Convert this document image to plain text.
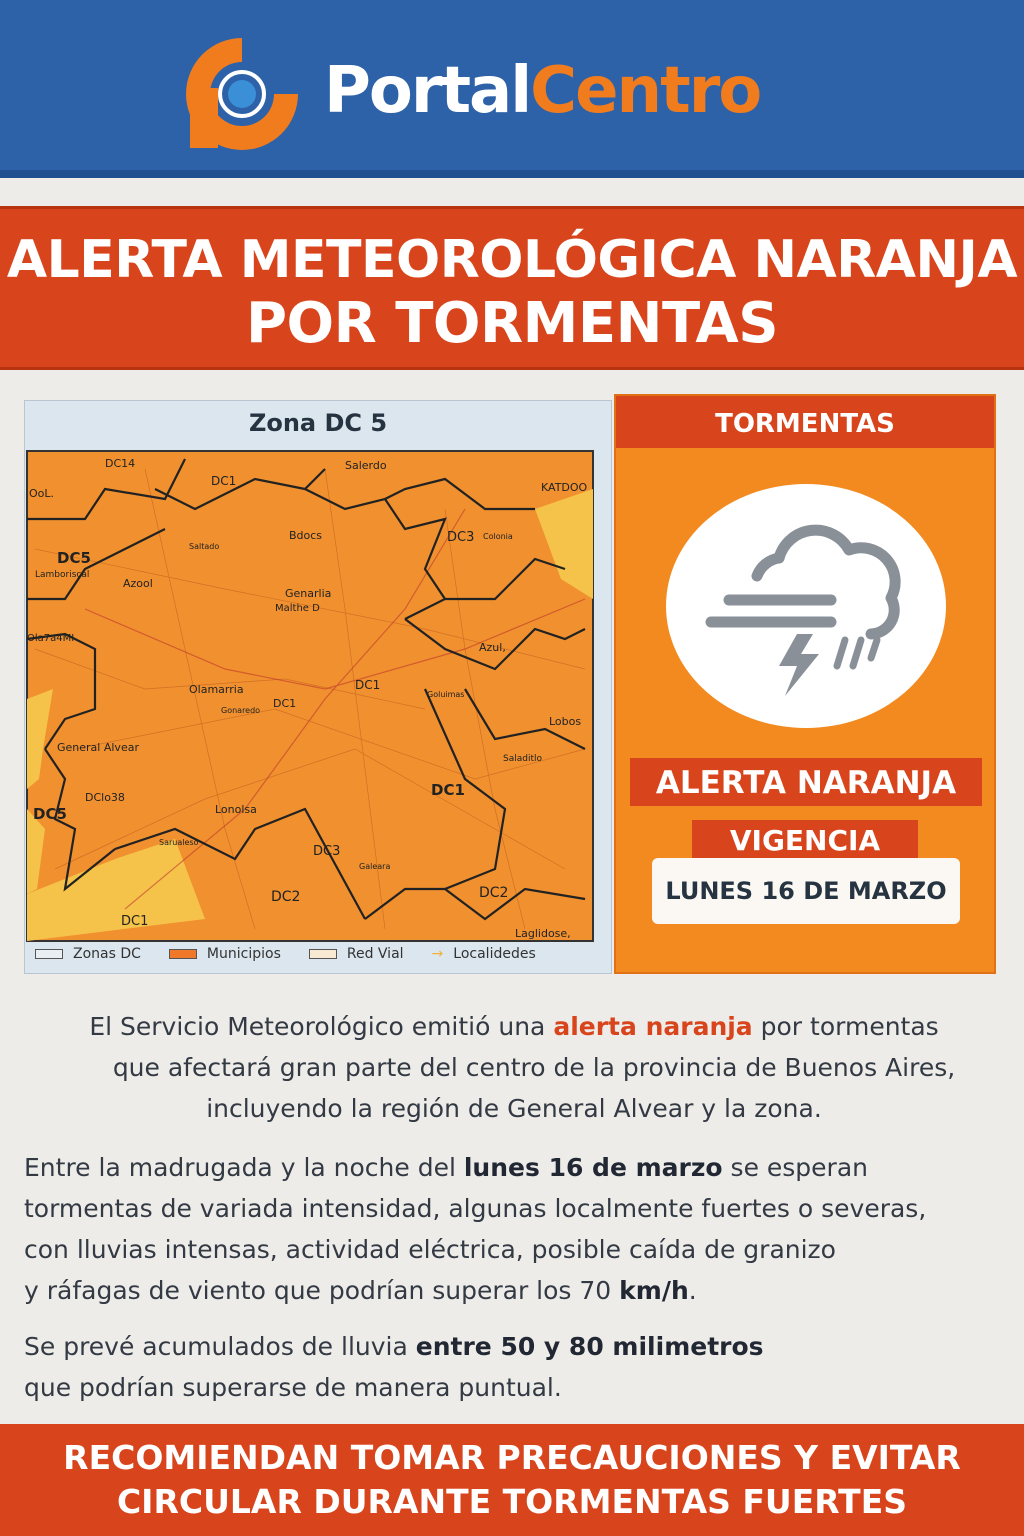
PortalCentro
ALERTA METEOROLÓGICA NARANJA
POR TORMENTAS
Zona DC 5
DC14	Salerdo
DC1
OoL.	KATDOO
Bdocs	DC3 Colonia
DC5
Lamboriscal
Azool
Saltado
Genarlia
Malthe D
Ola7a4MI
Azul,
DC1
Olamarria	Goluimas
Gonaredo
DC1
Lobos
General Alvear
Saladitlo
DC1
DClo38
DC5	Lonolsa
Sarualeso
DC3
Galeara
DC2	DC2
DC1
Laglidose,
Zonas DC	Municipios	Red Vial → Localidedes
TORMENTAS
ALERTA NARANJA
VIGENCIA
LUNES 16 DE MARZO
El Servicio Meteorológico emitió una alerta naranja por tormentas
que afectará gran parte del centro de la provincia de Buenos Aires,
incluyendo la región de General Alvear y la zona.
Entre la madrugada y la noche del lunes 16 de marzo se esperan
tormentas de variada intensidad, algunas localmente fuertes o severas,
con lluvias intensas, actividad eléctrica, posible caída de granizo
y ráfagas de viento que podrían superar los 70 km/h.
Se prevé acumulados de lluvia entre 50 y 80 milimetros
que podrían superarse de manera puntual.
RECOMIENDAN TOMAR PRECAUCIONES Y EVITAR
CIRCULAR DURANTE TORMENTAS FUERTES
